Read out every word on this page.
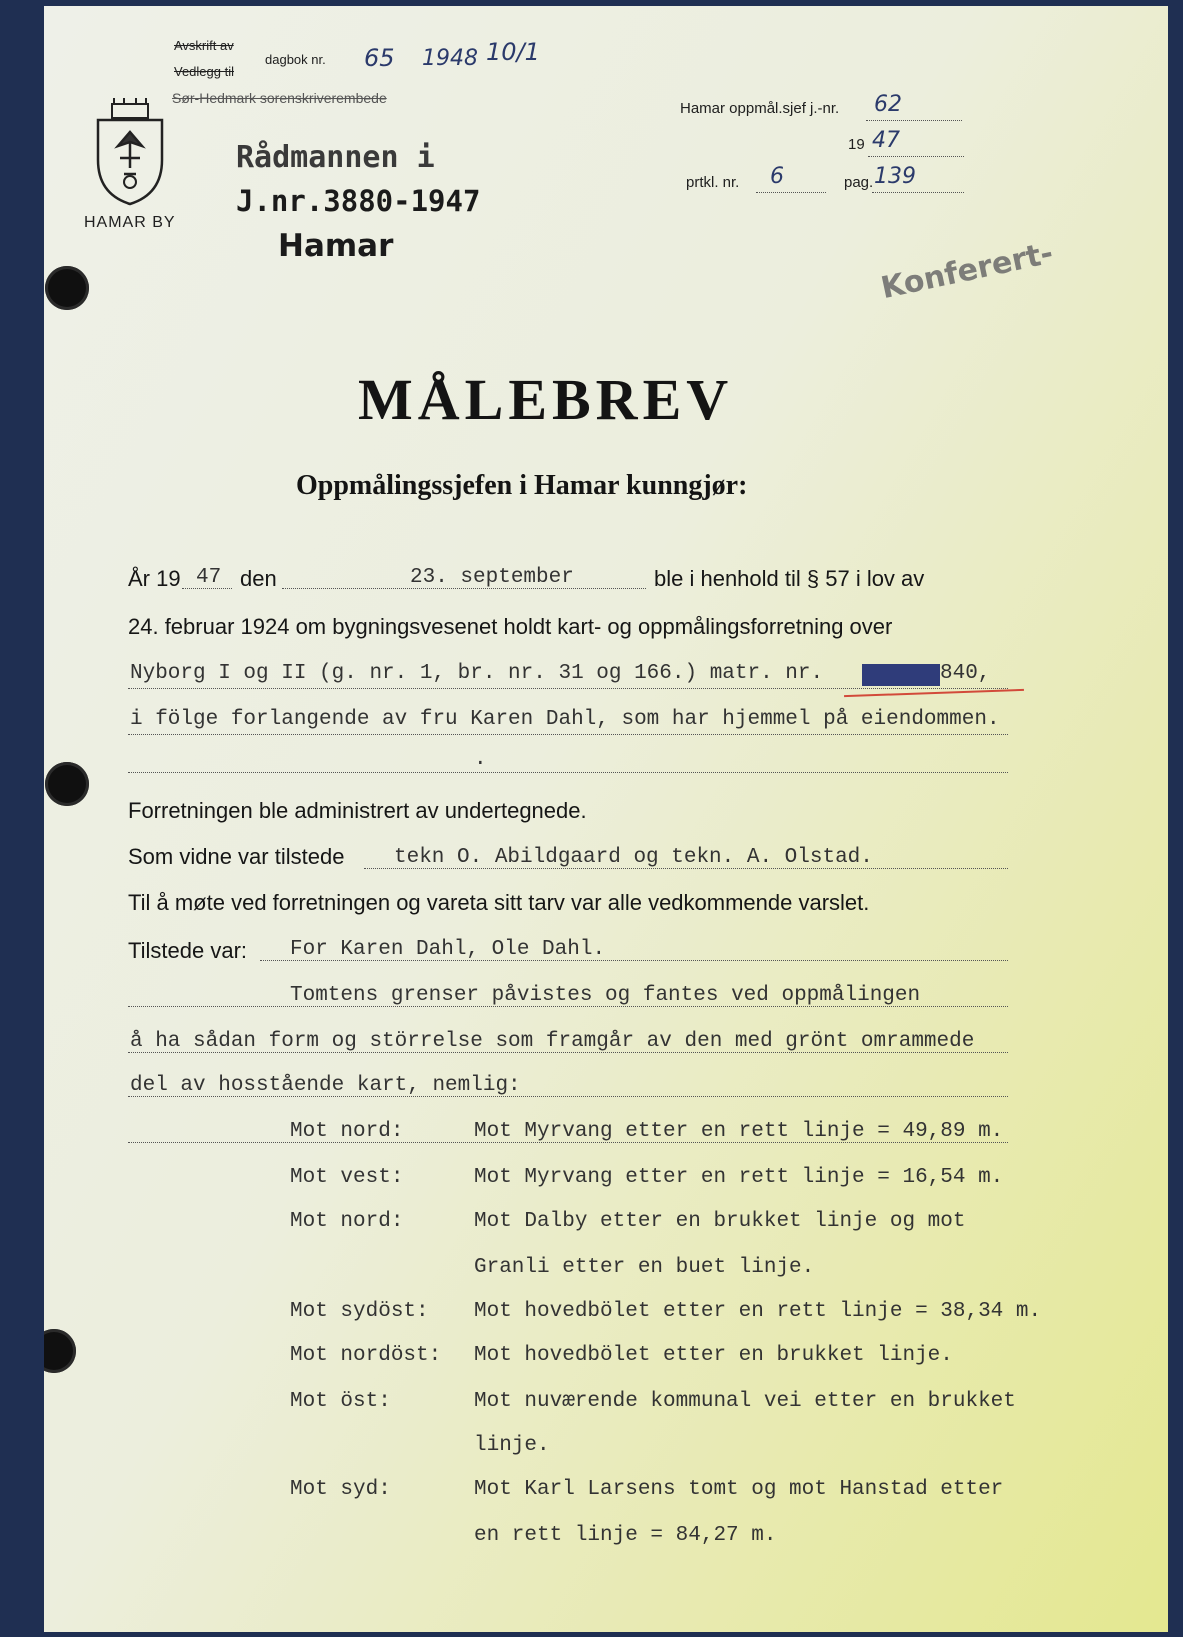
Avskrift av
Vedlegg til
dagbok nr. 65 1948 10/1
Sør-Hedmark sorenskriverembede
HAMAR BY
Rådmannen i
J.nr.3880-1947
Hamar
Hamar oppmål.sjef j.-nr. 62
19 47
prtkl. nr. 6	pag. 139
Konferert-
MÅLEBREV
Oppmålingssjefen i Hamar kunngjør:
År 19 47 den	23. september	ble i henhold til § 57 i lov av
24. februar 1924 om bygningsvesenet holdt kart- og oppmålingsforretning over
Nyborg I og II (g. nr. 1, br. nr. 31 og 166.) matr. nr.	840,
i fölge forlangende av fru Karen Dahl, som har hjemmel på eiendommen.
.
Forretningen ble administrert av undertegnede.
Som vidne var tilstede tekn O. Abildgaard og tekn. A. Olstad.
Til å møte ved forretningen og vareta sitt tarv var alle vedkommende varslet.
Tilstede var: For Karen Dahl, Ole Dahl.
Tomtens grenser påvistes og fantes ved oppmålingen
å ha sådan form og störrelse som framgår av den med grönt omrammede
del av hosstående kart, nemlig:
Mot nord:	Mot Myrvang etter en rett linje = 49,89 m.
Mot vest:	Mot Myrvang etter en rett linje = 16,54 m.
Mot nord:	Mot Dalby etter en brukket linje og mot
Granli etter en buet linje.
Mot sydöst: Mot hovedbölet etter en rett linje = 38,34 m.
Mot nordöst: Mot hovedbölet etter en brukket linje.
Mot öst:	Mot nuværende kommunal vei etter en brukket
linje.
Mot syd:	Mot Karl Larsens tomt og mot Hanstad etter
en rett linje = 84,27 m.
